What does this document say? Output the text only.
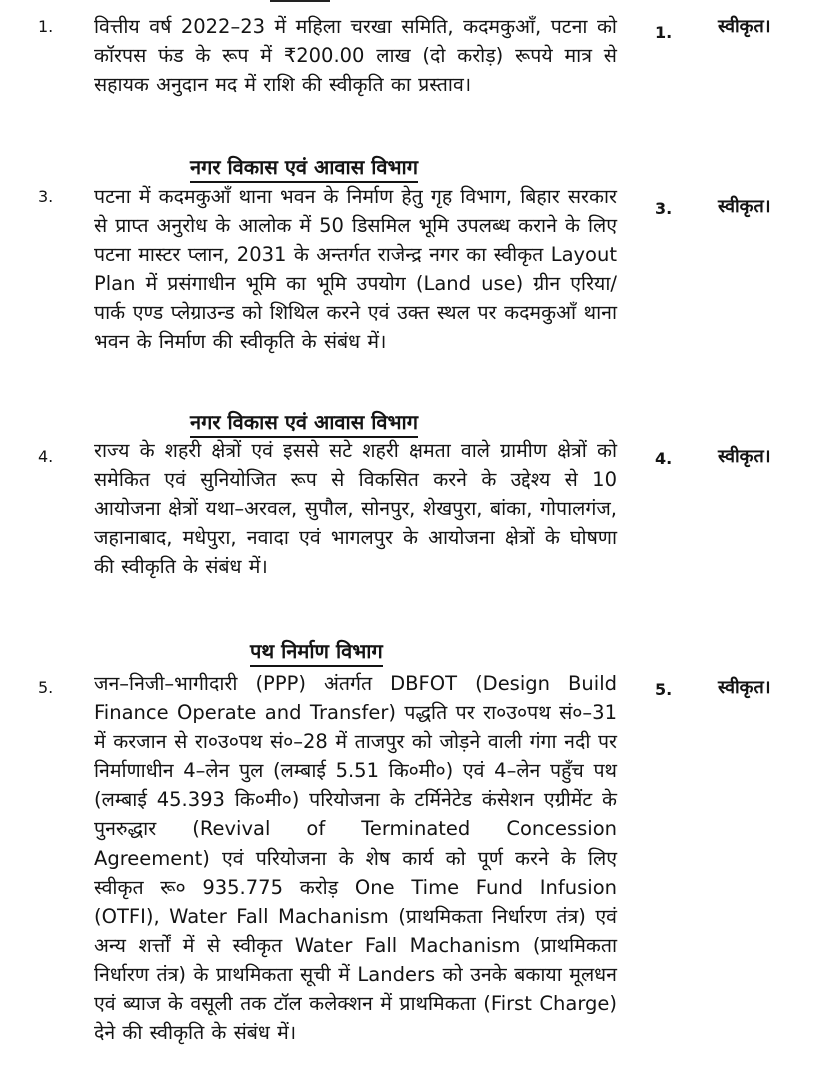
1. वित्तीय वर्ष 2022–23 में महिला चरखा समिति, कदमकुआँ, पटना को कॉरपस फंड के रूप में ₹200.00 लाख (दो करोड़) रूपये मात्र से सहायक अनुदान मद में राशि की स्वीकृति का प्रस्ताव।
1.	स्वीकृत।
नगर विकास एवं आवास विभाग
3. पटना में कदमकुआँ थाना भवन के निर्माण हेतु गृह विभाग, बिहार सरकार से प्राप्त अनुरोध के आलोक में 50 डिसमिल भूमि उपलब्ध कराने के लिए पटना मास्टर प्लान, 2031 के अन्तर्गत राजेन्द्र नगर का स्वीकृत Layout Plan में प्रसंगाधीन भूमि का भूमि उपयोग (Land use) ग्रीन एरिया/पार्क एण्ड प्लेग्राउन्ड को शिथिल करने एवं उक्त स्थल पर कदमकुआँ थाना भवन के निर्माण की स्वीकृति के संबंध में।
3.	स्वीकृत।
नगर विकास एवं आवास विभाग
4. राज्य के शहरी क्षेत्रों एवं इससे सटे शहरी क्षमता वाले ग्रामीण क्षेत्रों को समेकित एवं सुनियोजित रूप से विकसित करने के उद्देश्य से 10 आयोजना क्षेत्रों यथा–अरवल, सुपौल, सोनपुर, शेखपुरा, बांका, गोपालगंज, जहानाबाद, मधेपुरा, नवादा एवं भागलपुर के आयोजना क्षेत्रों के घोषणा की स्वीकृति के संबंध में।
4.	स्वीकृत।
पथ निर्माण विभाग
5. जन–निजी–भागीदारी (PPP) अंतर्गत DBFOT (Design Build Finance Operate and Transfer) पद्धति पर रा०उ०पथ सं०–31 में करजान से रा०उ०पथ सं०–28 में ताजपुर को जोड़ने वाली गंगा नदी पर निर्माणाधीन 4–लेन पुल (लम्बाई 5.51 कि०मी०) एवं 4–लेन पहुँच पथ (लम्बाई 45.393 कि०मी०) परियोजना के टर्मिनेटेड कंसेशन एग्रीमेंट के पुनरुद्धार (Revival of Terminated Concession Agreement) एवं परियोजना के शेष कार्य को पूर्ण करने के लिए स्वीकृत रू० 935.775 करोड़ One Time Fund Infusion (OTFI), Water Fall Machanism (प्राथमिकता निर्धारण तंत्र) एवं अन्य शर्त्तों में से स्वीकृत Water Fall Machanism (प्राथमिकता निर्धारण तंत्र) के प्राथमिकता सूची में Landers को उनके बकाया मूलधन एवं ब्याज के वसूली तक टॉल कलेक्शन में प्राथमिकता (First Charge) देने की स्वीकृति के संबंध में।
5.	स्वीकृत।
